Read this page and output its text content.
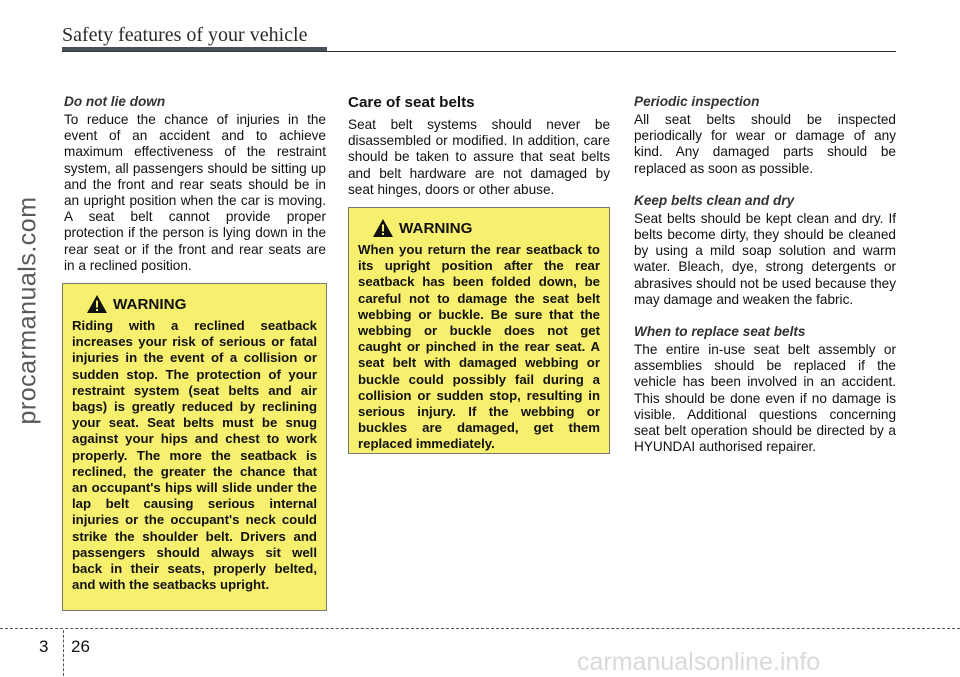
Safety features of your vehicle
procarmanuals.com
Do not lie down

To reduce the chance of injuries in the event of an accident and to achieve maximum effectiveness of the restraint system, all passengers should be sitting up and the front and rear seats should be in an upright position when the car is moving. A seat belt cannot provide proper protection if the person is lying down in the rear seat or if the front and rear seats are in a reclined position.

WARNING

Riding with a reclined seatback increases your risk of serious or fatal injuries in the event of a collision or sudden stop. The protection of your restraint system (seat belts and air bags) is greatly reduced by reclining your seat. Seat belts must be snug against your hips and chest to work properly. The more the seatback is reclined, the greater the chance that an occupant's hips will slide under the lap belt causing serious internal injuries or the occupant's neck could strike the shoulder belt. Drivers and passengers should always sit well back in their seats, properly belted, and with the seatbacks upright.

Care of seat belts

Seat belt systems should never be disassembled or modified. In addition, care should be taken to assure that seat belts and belt hardware are not damaged by seat hinges, doors or other abuse.

WARNING

When you return the rear seatback to its upright position after the rear seatback has been folded down, be careful not to damage the seat belt webbing or buckle. Be sure that the webbing or buckle does not get caught or pinched in the rear seat. A seat belt with damaged webbing or buckle could possibly fail during a collision or sudden stop, resulting in serious injury. If the webbing or buckles are damaged, get them replaced immediately.

Periodic inspection

All seat belts should be inspected periodically for wear or damage of any kind. Any damaged parts should be replaced as soon as possible.

Keep belts clean and dry

Seat belts should be kept clean and dry. If belts become dirty, they should be cleaned by using a mild soap solution and warm water. Bleach, dye, strong detergents or abrasives should not be used because they may damage and weaken the fabric.

When to replace seat belts

The entire in-use seat belt assembly or assemblies should be replaced if the vehicle has been involved in an accident. This should be done even if no damage is visible. Additional questions concerning seat belt operation should be directed by a HYUNDAI authorised repairer.

3 26
carmanualsonline.info
